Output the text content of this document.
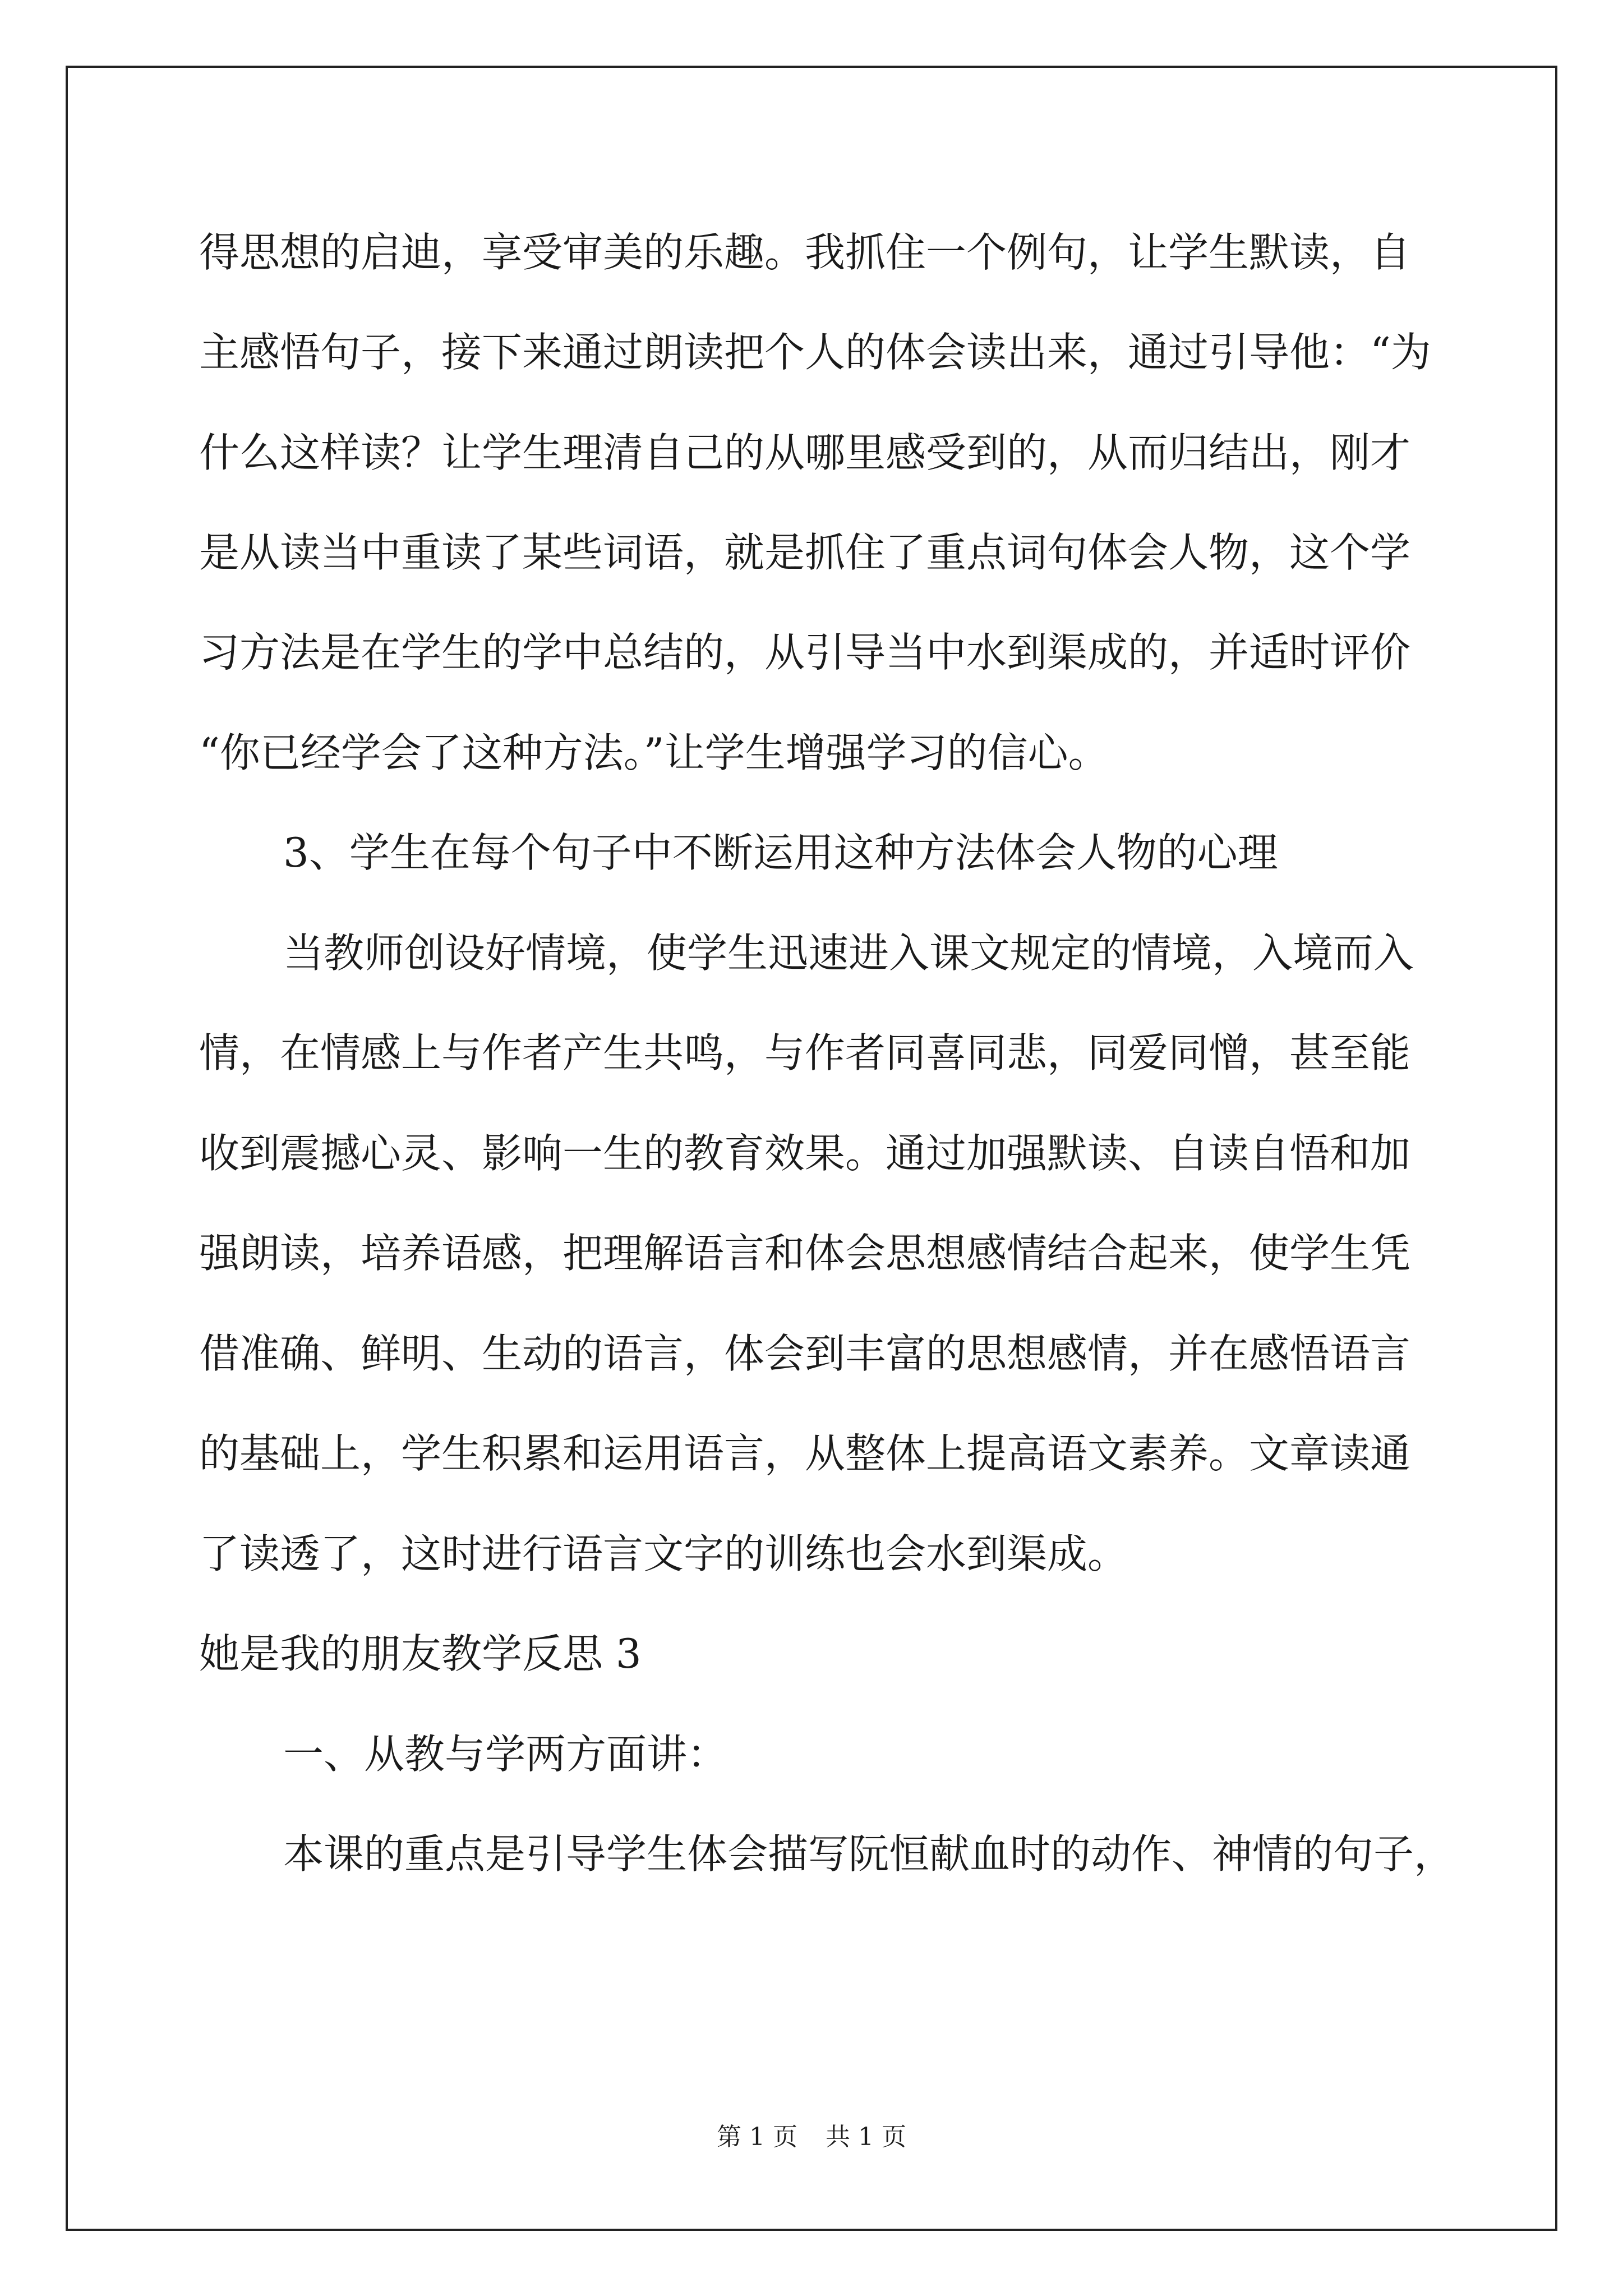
得思想的启迪，享受审美的乐趣。我抓住一个例句，让学生默读，自

主感悟句子，接下来通过朗读把个人的体会读出来，通过引导他：“为

什么这样读？让学生理清自己的从哪里感受到的，从而归结出，刚才

是从读当中重读了某些词语，就是抓住了重点词句体会人物，这个学

习方法是在学生的学中总结的，从引导当中水到渠成的，并适时评价

“你已经学会了这种方法。”让学生增强学习的信心。

3、学生在每个句子中不断运用这种方法体会人物的心理

当教师创设好情境，使学生迅速进入课文规定的情境，入境而入

情，在情感上与作者产生共鸣，与作者同喜同悲，同爱同憎，甚至能

收到震撼心灵、影响一生的教育效果。通过加强默读、自读自悟和加

强朗读，培养语感，把理解语言和体会思想感情结合起来，使学生凭

借准确、鲜明、生动的语言，体会到丰富的思想感情，并在感悟语言

的基础上，学生积累和运用语言，从整体上提高语文素养。文章读通

了读透了，这时进行语言文字的训练也会水到渠成。

她是我的朋友教学反思 3

一、从教与学两方面讲：

本课的重点是引导学生体会描写阮恒献血时的动作、神情的句子，

第 1 页 共 1 页
